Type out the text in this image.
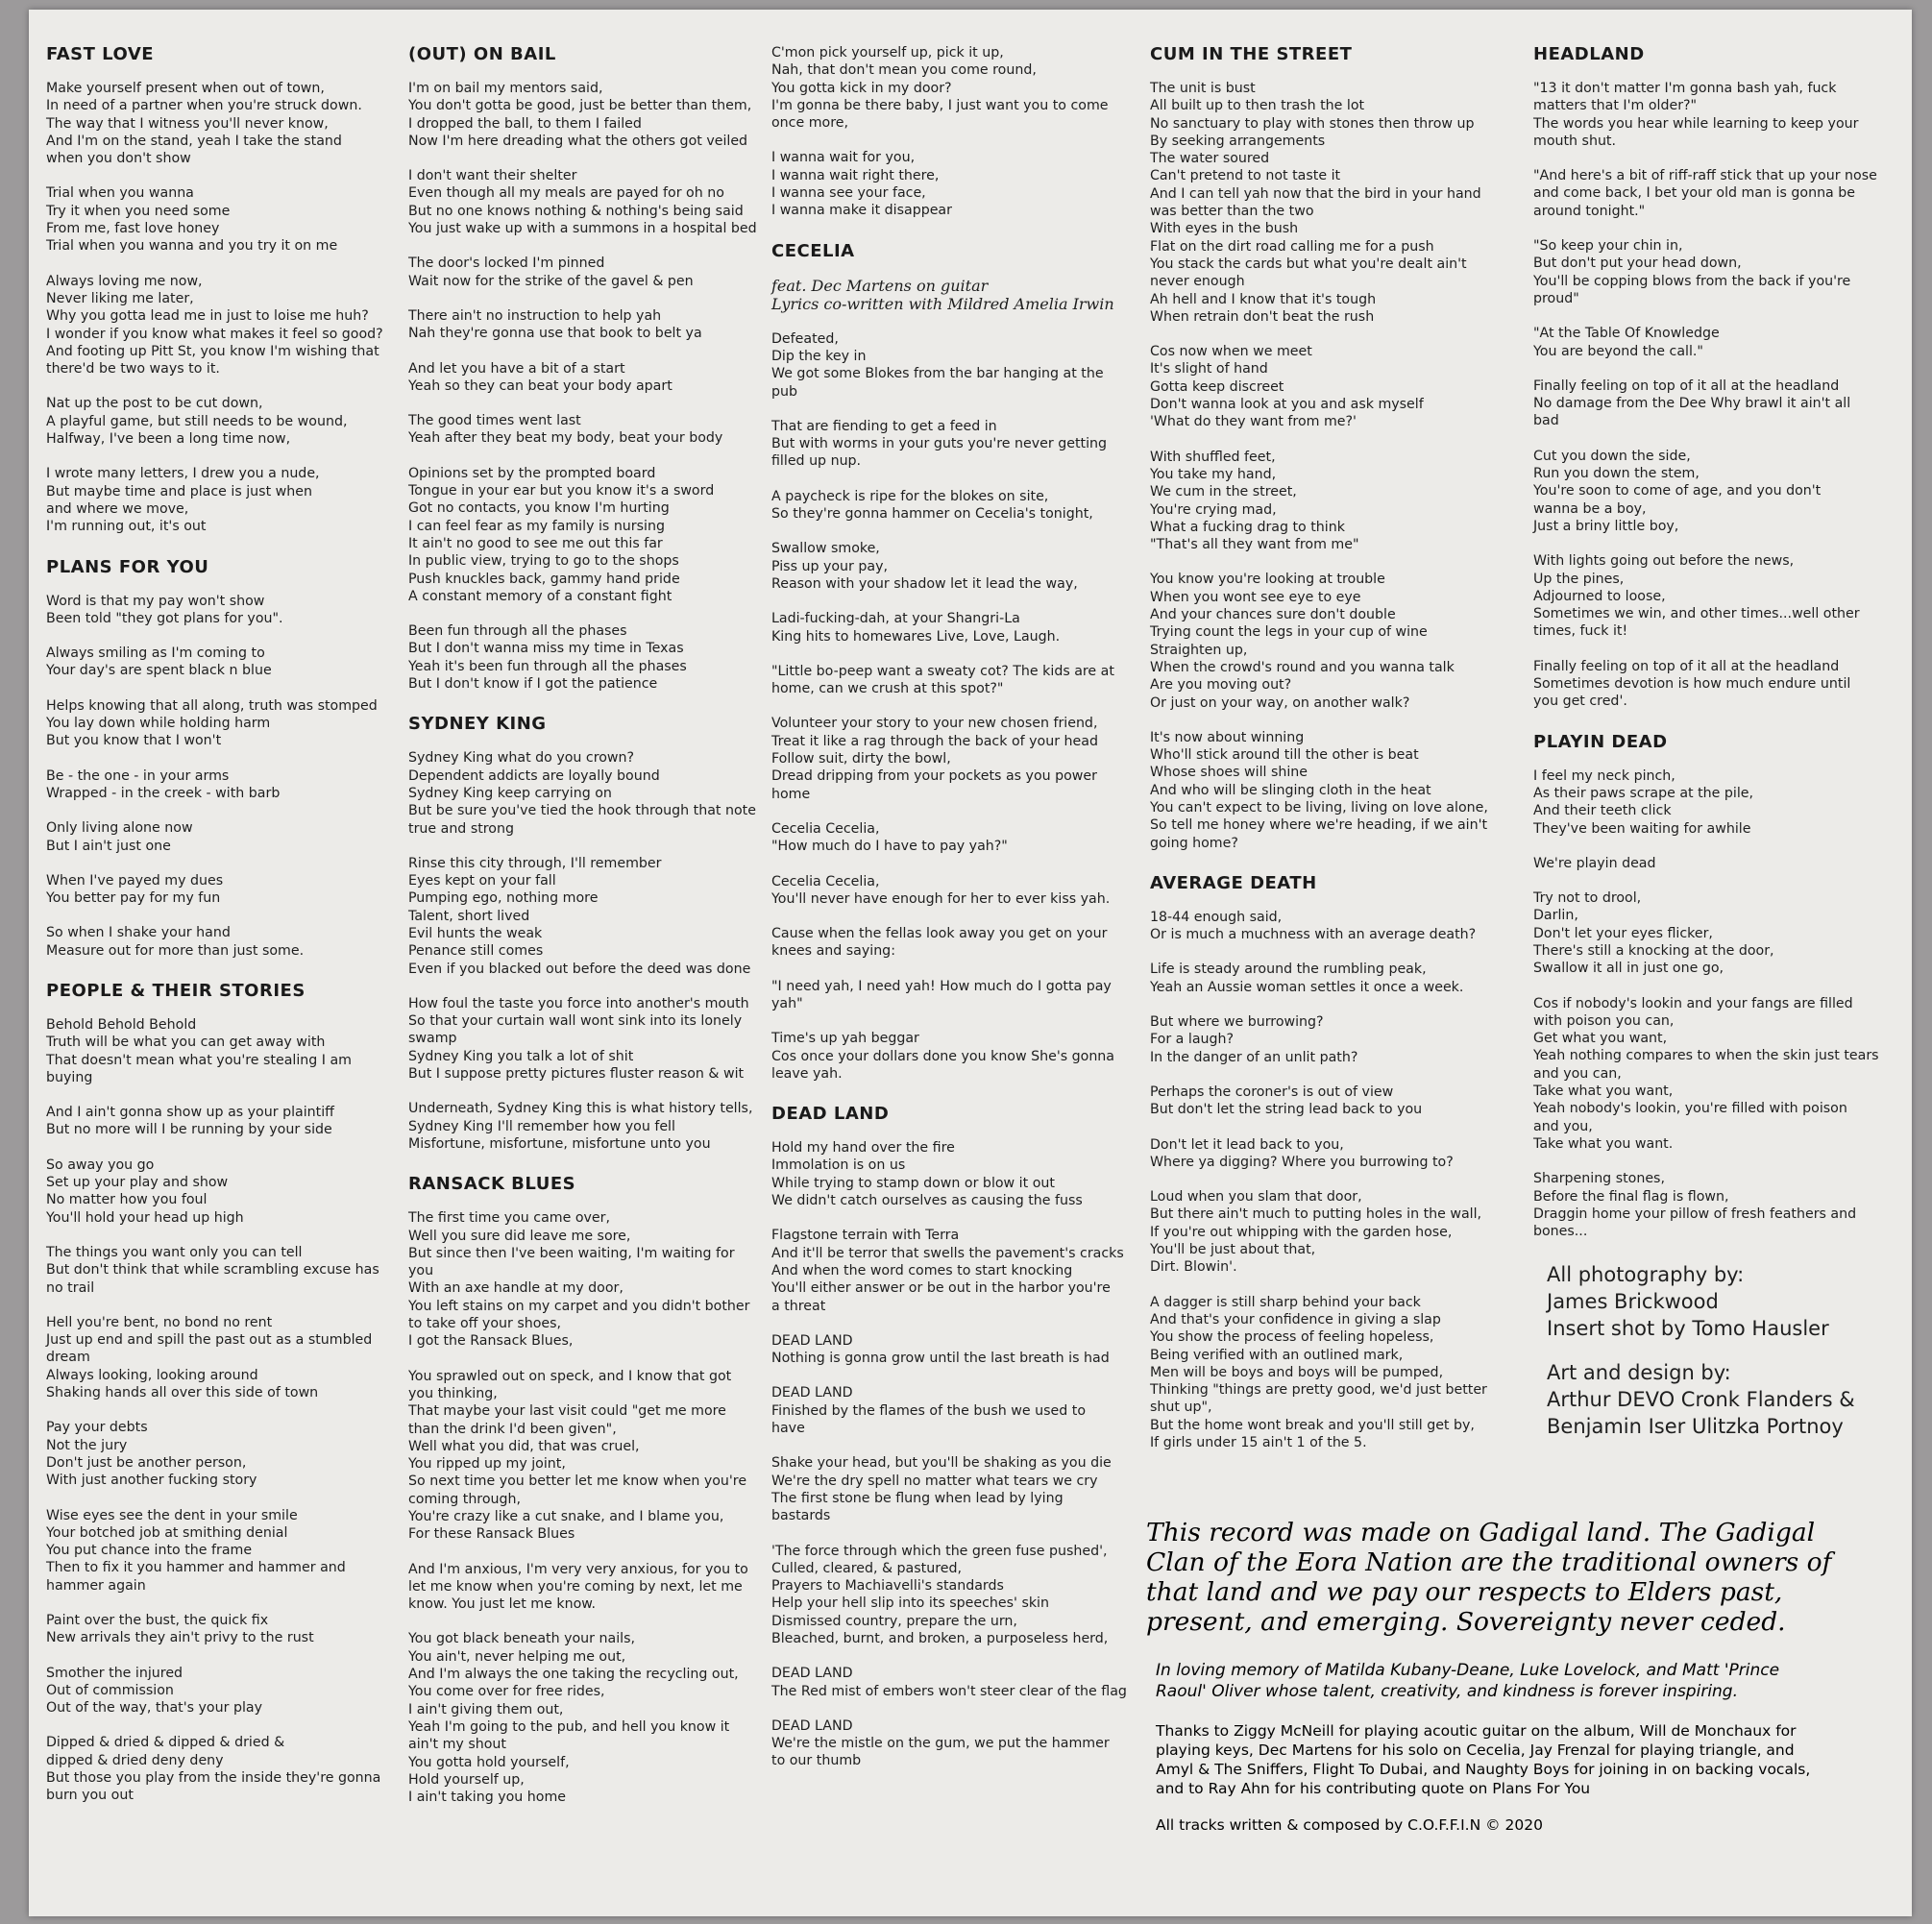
FAST LOVE
Make yourself present when out of town,
In need of a partner when you're struck down.
The way that I witness you'll never know,
And I'm on the stand, yeah I take the stand
when you don't show
Trial when you wanna
Try it when you need some
From me, fast love honey
Trial when you wanna and you try it on me
Always loving me now,
Never liking me later,
Why you gotta lead me in just to loise me huh?
I wonder if you know what makes it feel so good?
And footing up Pitt St, you know I'm wishing that
there'd be two ways to it.
Nat up the post to be cut down,
A playful game, but still needs to be wound,
Halfway, I've been a long time now,
I wrote many letters, I drew you a nude,
But maybe time and place is just when
and where we move,
I'm running out, it's out
PLANS FOR YOU
Word is that my pay won't show
Been told "they got plans for you".
Always smiling as I'm coming to
Your day's are spent black n blue
Helps knowing that all along, truth was stomped
You lay down while holding harm
But you know that I won't
Be - the one - in your arms
Wrapped - in the creek - with barb
Only living alone now
But I ain't just one
When I've payed my dues
You better pay for my fun
So when I shake your hand
Measure out for more than just some.
PEOPLE & THEIR STORIES
Behold Behold Behold
Truth will be what you can get away with
That doesn't mean what you're stealing I am
buying
And I ain't gonna show up as your plaintiff
But no more will I be running by your side
So away you go
Set up your play and show
No matter how you foul
You'll hold your head up high
The things you want only you can tell
But don't think that while scrambling excuse has
no trail
Hell you're bent, no bond no rent
Just up end and spill the past out as a stumbled
dream
Always looking, looking around
Shaking hands all over this side of town
Pay your debts
Not the jury
Don't just be another person,
With just another fucking story
Wise eyes see the dent in your smile
Your botched job at smithing denial
You put chance into the frame
Then to fix it you hammer and hammer and
hammer again
Paint over the bust, the quick fix
New arrivals they ain't privy to the rust
Smother the injured
Out of commission
Out of the way, that's your play
Dipped & dried & dipped & dried &
dipped & dried deny deny
But those you play from the inside they're gonna
burn you out
(OUT) ON BAIL
I'm on bail my mentors said,
You don't gotta be good, just be better than them,
I dropped the ball, to them I failed
Now I'm here dreading what the others got veiled
I don't want their shelter
Even though all my meals are payed for oh no
But no one knows nothing & nothing's being said
You just wake up with a summons in a hospital bed
The door's locked I'm pinned
Wait now for the strike of the gavel & pen
There ain't no instruction to help yah
Nah they're gonna use that book to belt ya
And let you have a bit of a start
Yeah so they can beat your body apart
The good times went last
Yeah after they beat my body, beat your body
Opinions set by the prompted board
Tongue in your ear but you know it's a sword
Got no contacts, you know I'm hurting
I can feel fear as my family is nursing
It ain't no good to see me out this far
In public view, trying to go to the shops
Push knuckles back, gammy hand pride
A constant memory of a constant fight
Been fun through all the phases
But I don't wanna miss my time in Texas
Yeah it's been fun through all the phases
But I don't know if I got the patience
SYDNEY KING
Sydney King what do you crown?
Dependent addicts are loyally bound
Sydney King keep carrying on
But be sure you've tied the hook through that note
true and strong
Rinse this city through, I'll remember
Eyes kept on your fall
Pumping ego, nothing more
Talent, short lived
Evil hunts the weak
Penance still comes
Even if you blacked out before the deed was done
How foul the taste you force into another's mouth
So that your curtain wall wont sink into its lonely
swamp
Sydney King you talk a lot of shit
But I suppose pretty pictures fluster reason & wit
Underneath, Sydney King this is what history tells,
Sydney King I'll remember how you fell
Misfortune, misfortune, misfortune unto you
RANSACK BLUES
The first time you came over,
Well you sure did leave me sore,
But since then I've been waiting, I'm waiting for
you
With an axe handle at my door,
You left stains on my carpet and you didn't bother
to take off your shoes,
I got the Ransack Blues,
You sprawled out on speck, and I know that got
you thinking,
That maybe your last visit could "get me more
than the drink I'd been given",
Well what you did, that was cruel,
You ripped up my joint,
So next time you better let me know when you're
coming through,
You're crazy like a cut snake, and I blame you,
For these Ransack Blues
And I'm anxious, I'm very very anxious, for you to
let me know when you're coming by next, let me
know. You just let me know.
You got black beneath your nails,
You ain't, never helping me out,
And I'm always the one taking the recycling out,
You come over for free rides,
I ain't giving them out,
Yeah I'm going to the pub, and hell you know it
ain't my shout
You gotta hold yourself,
Hold yourself up,
I ain't taking you home
C'mon pick yourself up, pick it up,
Nah, that don't mean you come round,
You gotta kick in my door?
I'm gonna be there baby, I just want you to come
once more,
I wanna wait for you,
I wanna wait right there,
I wanna see your face,
I wanna make it disappear
CECELIA
feat. Dec Martens on guitar
Lyrics co-written with Mildred Amelia Irwin
Defeated,
Dip the key in
We got some Blokes from the bar hanging at the
pub
That are fiending to get a feed in
But with worms in your guts you're never getting
filled up nup.
A paycheck is ripe for the blokes on site,
So they're gonna hammer on Cecelia's tonight,
Swallow smoke,
Piss up your pay,
Reason with your shadow let it lead the way,
Ladi-fucking-dah, at your Shangri-La
King hits to homewares Live, Love, Laugh.
"Little bo-peep want a sweaty cot? The kids are at
home, can we crush at this spot?"
Volunteer your story to your new chosen friend,
Treat it like a rag through the back of your head
Follow suit, dirty the bowl,
Dread dripping from your pockets as you power
home
Cecelia Cecelia,
"How much do I have to pay yah?"
Cecelia Cecelia,
You'll never have enough for her to ever kiss yah.
Cause when the fellas look away you get on your
knees and saying:
"I need yah, I need yah! How much do I gotta pay
yah"
Time's up yah beggar
Cos once your dollars done you know She's gonna
leave yah.
DEAD LAND
Hold my hand over the fire
Immolation is on us
While trying to stamp down or blow it out
We didn't catch ourselves as causing the fuss
Flagstone terrain with Terra
And it'll be terror that swells the pavement's cracks
And when the word comes to start knocking
You'll either answer or be out in the harbor you're
a threat
DEAD LAND
Nothing is gonna grow until the last breath is had
DEAD LAND
Finished by the flames of the bush we used to
have
Shake your head, but you'll be shaking as you die
We're the dry spell no matter what tears we cry
The first stone be flung when lead by lying
bastards
'The force through which the green fuse pushed',
Culled, cleared, & pastured,
Prayers to Machiavelli's standards
Help your hell slip into its speeches' skin
Dismissed country, prepare the urn,
Bleached, burnt, and broken, a purposeless herd,
DEAD LAND
The Red mist of embers won't steer clear of the flag
DEAD LAND
We're the mistle on the gum, we put the hammer
to our thumb
CUM IN THE STREET
The unit is bust
All built up to then trash the lot
No sanctuary to play with stones then throw up
By seeking arrangements
The water soured
Can't pretend to not taste it
And I can tell yah now that the bird in your hand
was better than the two
With eyes in the bush
Flat on the dirt road calling me for a push
You stack the cards but what you're dealt ain't
never enough
Ah hell and I know that it's tough
When retrain don't beat the rush
Cos now when we meet
It's slight of hand
Gotta keep discreet
Don't wanna look at you and ask myself
'What do they want from me?'
With shuffled feet,
You take my hand,
We cum in the street,
You're crying mad,
What a fucking drag to think
"That's all they want from me"
You know you're looking at trouble
When you wont see eye to eye
And your chances sure don't double
Trying count the legs in your cup of wine
Straighten up,
When the crowd's round and you wanna talk
Are you moving out?
Or just on your way, on another walk?
It's now about winning
Who'll stick around till the other is beat
Whose shoes will shine
And who will be slinging cloth in the heat
You can't expect to be living, living on love alone,
So tell me honey where we're heading, if we ain't
going home?
AVERAGE DEATH
18-44 enough said,
Or is much a muchness with an average death?
Life is steady around the rumbling peak,
Yeah an Aussie woman settles it once a week.
But where we burrowing?
For a laugh?
In the danger of an unlit path?
Perhaps the coroner's is out of view
But don't let the string lead back to you
Don't let it lead back to you,
Where ya digging? Where you burrowing to?
Loud when you slam that door,
But there ain't much to putting holes in the wall,
If you're out whipping with the garden hose,
You'll be just about that,
Dirt. Blowin'.
A dagger is still sharp behind your back
And that's your confidence in giving a slap
You show the process of feeling hopeless,
Being verified with an outlined mark,
Men will be boys and boys will be pumped,
Thinking "things are pretty good, we'd just better
shut up",
But the home wont break and you'll still get by,
If girls under 15 ain't 1 of the 5.
HEADLAND
"13 it don't matter I'm gonna bash yah, fuck
matters that I'm older?"
The words you hear while learning to keep your
mouth shut.
"And here's a bit of riff-raff stick that up your nose
and come back, I bet your old man is gonna be
around tonight."
"So keep your chin in,
But don't put your head down,
You'll be copping blows from the back if you're
proud"
"At the Table Of Knowledge
You are beyond the call."
Finally feeling on top of it all at the headland
No damage from the Dee Why brawl it ain't all
bad
Cut you down the side,
Run you down the stem,
You're soon to come of age, and you don't
wanna be a boy,
Just a briny little boy,
With lights going out before the news,
Up the pines,
Adjourned to loose,
Sometimes we win, and other times...well other
times, fuck it!
Finally feeling on top of it all at the headland
Sometimes devotion is how much endure until
you get cred'.
PLAYIN DEAD
I feel my neck pinch,
As their paws scrape at the pile,
And their teeth click
They've been waiting for awhile
We're playin dead
Try not to drool,
Darlin,
Don't let your eyes flicker,
There's still a knocking at the door,
Swallow it all in just one go,
Cos if nobody's lookin and your fangs are filled
with poison you can,
Get what you want,
Yeah nothing compares to when the skin just tears
and you can,
Take what you want,
Yeah nobody's lookin, you're filled with poison
and you,
Take what you want.
Sharpening stones,
Before the final flag is flown,
Draggin home your pillow of fresh feathers and
bones...
All photography by:
James Brickwood
Insert shot by Tomo Hausler
Art and design by:
Arthur DEVO Cronk Flanders &
Benjamin Iser Ulitzka Portnoy
This record was made on Gadigal land. The Gadigal
Clan of the Eora Nation are the traditional owners of
that land and we pay our respects to Elders past,
present, and emerging. Sovereignty never ceded.
In loving memory of Matilda Kubany-Deane, Luke Lovelock, and Matt 'Prince
Raoul' Oliver whose talent, creativity, and kindness is forever inspiring.
Thanks to Ziggy McNeill for playing acoutic guitar on the album, Will de Monchaux for
playing keys, Dec Martens for his solo on Cecelia, Jay Frenzal for playing triangle, and
Amyl & The Sniffers, Flight To Dubai, and Naughty Boys for joining in on backing vocals,
and to Ray Ahn for his contributing quote on Plans For You
All tracks written & composed by C.O.F.F.I.N © 2020
